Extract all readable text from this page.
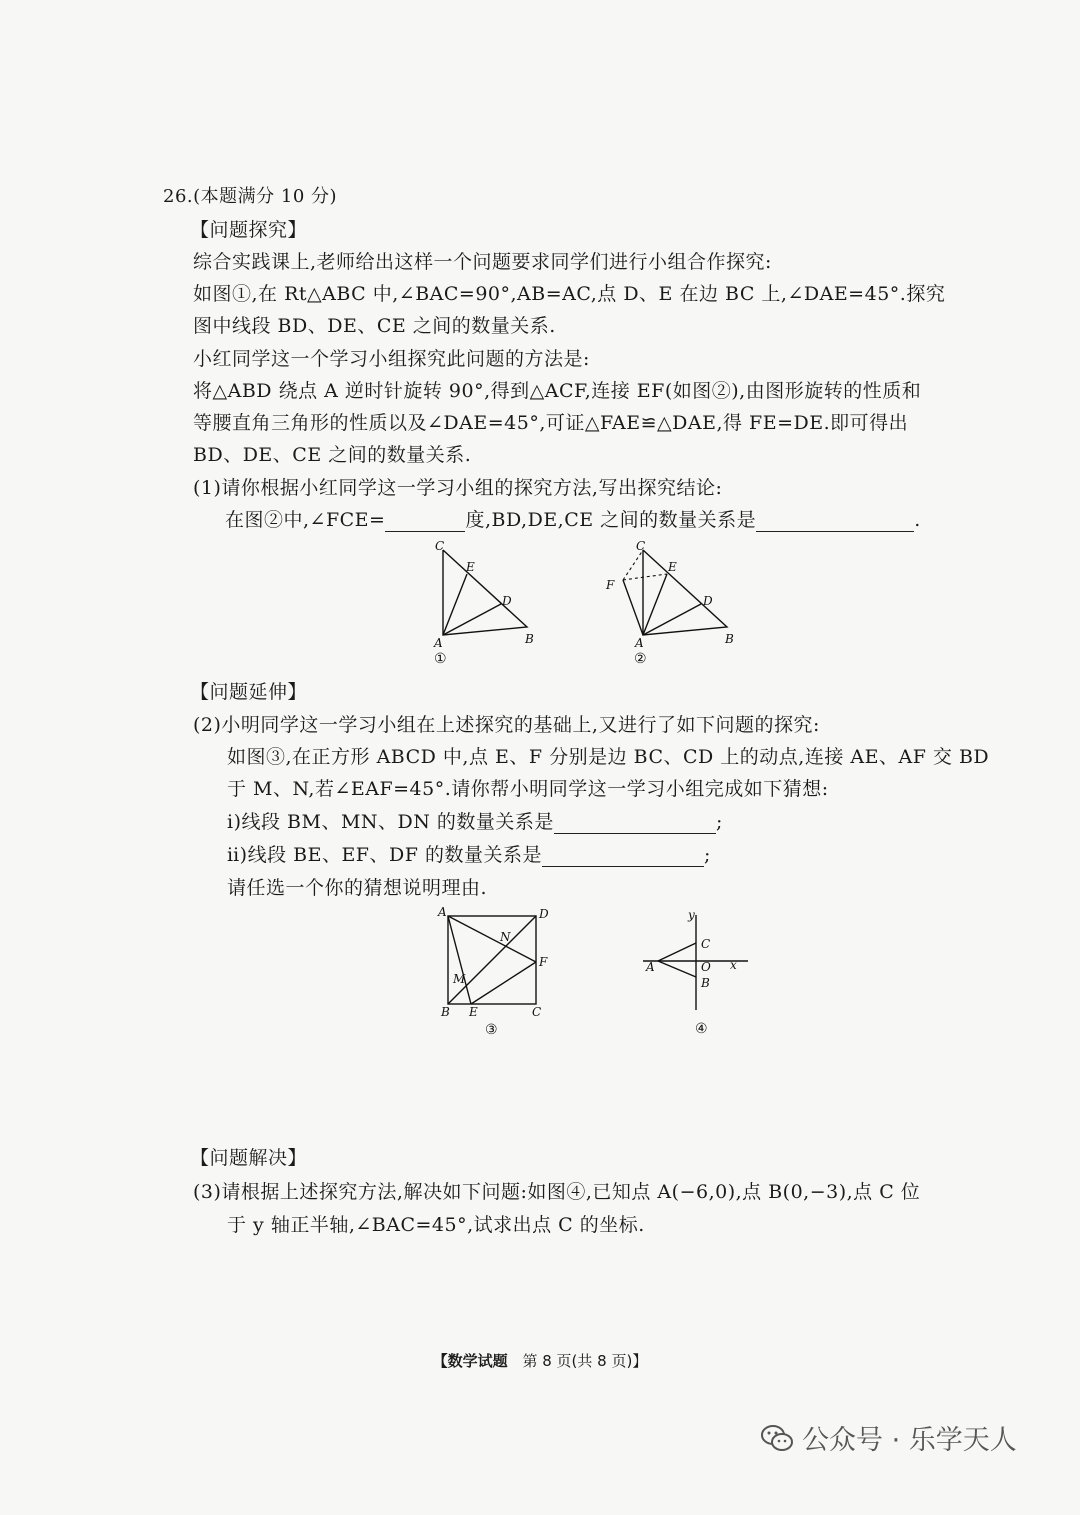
26.(本题满分 10 分)
【问题探究】
综合实践课上,老师给出这样一个问题要求同学们进行小组合作探究:
如图①,在 Rt△ABC 中,∠BAC=90°,AB=AC,点 D、E 在边 BC 上,∠DAE=45°.探究
图中线段 BD、DE、CE 之间的数量关系.
小红同学这一个学习小组探究此问题的方法是:
将△ABD 绕点 A 逆时针旋转 90°,得到△ACF,连接 EF(如图②),由图形旋转的性质和
等腰直角三角形的性质以及∠DAE=45°,可证△FAE≌△DAE,得 FE=DE.即可得出
BD、DE、CE 之间的数量关系.
(1)请你根据小红同学这一学习小组的探究方法,写出探究结论:
在图②中,∠FCE=	度,BD,DE,CE 之间的数量关系是	.
C
E
D
A	B
①
C
E
F
D
A	B
②
【问题延伸】
(2)小明同学这一学习小组在上述探究的基础上,又进行了如下问题的探究:
如图③,在正方形 ABCD 中,点 E、F 分别是边 BC、CD 上的动点,连接 AE、AF 交 BD
于 M、N,若∠EAF=45°.请你帮小明同学这一学习小组完成如下猜想:
ⅰ)线段 BM、MN、DN 的数量关系是	;
ⅱ)线段 BE、EF、DF 的数量关系是	;
请任选一个你的猜想说明理由.
A	D
N
F
M
B E	C
③
y
C
A	O x
B
④
【问题解决】
(3)请根据上述探究方法,解决如下问题:如图④,已知点 A(−6,0),点 B(0,−3),点 C 位
于 y 轴正半轴,∠BAC=45°,试求出点 C 的坐标.
【数学试题 第 8 页(共 8 页)】
公众号 · 乐学天人
